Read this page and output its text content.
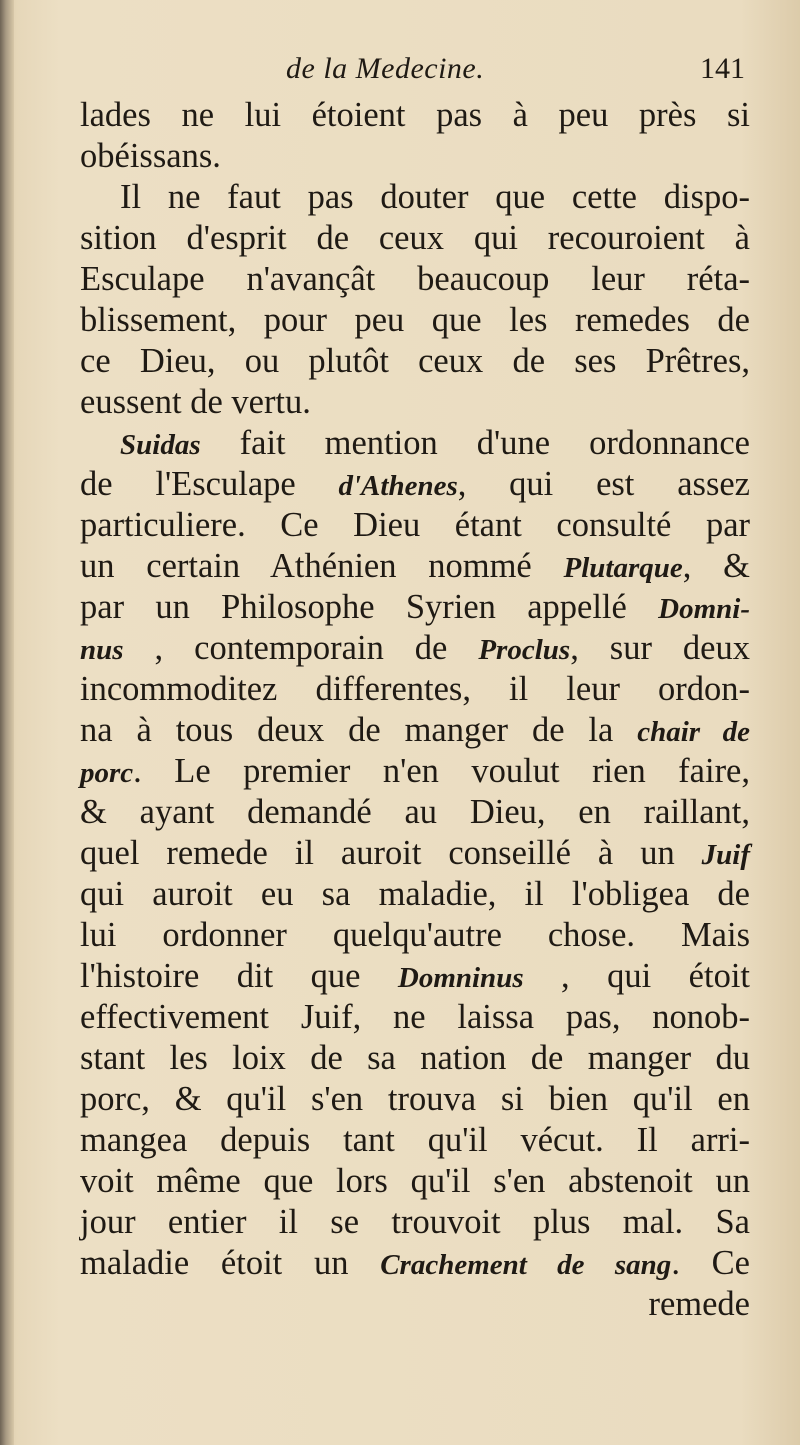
de la Medecine.	141
lades ne lui étoient pas à peu près si
obéissans.
Il ne faut pas douter que cette dispo-
sition d'esprit de ceux qui recouroient à
Esculape n'avançât beaucoup leur réta-
blissement, pour peu que les remedes de
ce Dieu, ou plutôt ceux de ses Prêtres,
eussent de vertu.
Suidas fait mention d'une ordonnance
de l'Esculape d'Athenes, qui est assez
particuliere. Ce Dieu étant consulté par
un certain Athénien nommé Plutarque, &
par un Philosophe Syrien appellé Domni-
nus , contemporain de Proclus, sur deux
incommoditez differentes, il leur ordon-
na à tous deux de manger de la chair de
porc. Le premier n'en voulut rien faire,
& ayant demandé au Dieu, en raillant,
quel remede il auroit conseillé à un Juif
qui auroit eu sa maladie, il l'obligea de
lui ordonner quelqu'autre chose. Mais
l'histoire dit que Domninus , qui étoit
effectivement Juif, ne laissa pas, nonob-
stant les loix de sa nation de manger du
porc, & qu'il s'en trouva si bien qu'il en
mangea depuis tant qu'il vécut. Il arri-
voit même que lors qu'il s'en abstenoit un
jour entier il se trouvoit plus mal. Sa
maladie étoit un Crachement de sang. Ce
remede
